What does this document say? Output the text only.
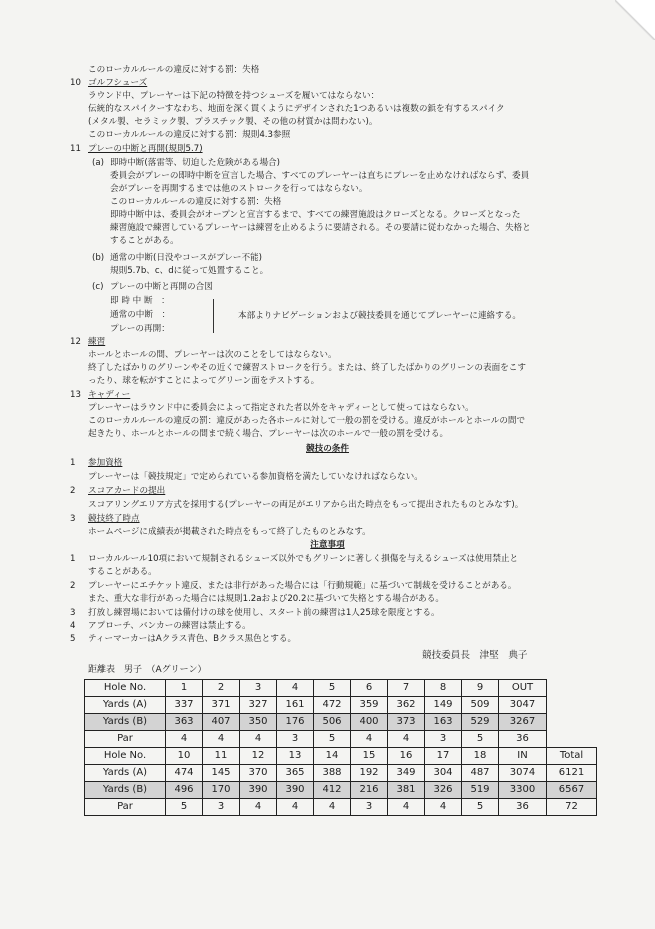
このローカルルールの違反に対する罰：失格
10 ゴルフシューズ
ラウンド中、プレーヤーは下記の特徴を持つシューズを履いてはならない：
伝統的なスパイクーすなわち、地面を深く貫くようにデザインされた1つあるいは複数の鋲を有するスパイク
(メタル製、セラミック製、プラスチック製、その他の材質かは問わない)。
このローカルルールの違反に対する罰：規則4.3参照
11 プレーの中断と再開(規則5.7)
(a) 即時中断(落雷等、切迫した危険がある場合)
委員会がプレーの即時中断を宣言した場合、すべてのプレーヤーは直ちにプレーを止めなければならず、委員
会がプレーを再開するまでは他のストロークを行ってはならない。
このローカルルールの違反に対する罰：失格
即時中断中は、委員会がオープンと宣言するまで、すべての練習施設はクローズとなる。クローズとなった
練習施設で練習しているプレーヤーは練習を止めるように要請される。その要請に従わなかった場合、失格と
することがある。
(b) 通常の中断(日没やコースがプレー不能)
規則5.7b、c、dに従って処置すること。
(c) プレーの中断と再開の合図
即 時 中 断　：
通常の中断　：
プレーの再開：
本部よりナビゲーションおよび競技委員を通じてプレーヤーに連絡する。
12 練習
ホールとホールの間、プレーヤーは次のことをしてはならない。
終了したばかりのグリーンやその近くで練習ストロークを行う。または、終了したばかりのグリーンの表面をこす
ったり、球を転がすことによってグリーン面をテストする。
13 キャディー
プレーヤーはラウンド中に委員会によって指定された者以外をキャディーとして使ってはならない。
このローカルルールの違反の罰：違反があった各ホールに対して一般の罰を受ける。違反がホールとホールの間で
起きたり、ホールとホールの間まで続く場合、プレーヤーは次のホールで一般の罰を受ける。
競技の条件
1 参加資格
プレーヤーは「競技規定」で定められている参加資格を満たしていなければならない。
2 スコアカードの提出
スコアリングエリア方式を採用する(プレーヤーの両足がエリアから出た時点をもって提出されたものとみなす)。
3 競技終了時点
ホームページに成績表が掲載された時点をもって終了したものとみなす。
注意事項
1 ローカルルール10項において規制されるシューズ以外でもグリーンに著しく損傷を与えるシューズは使用禁止と
することがある。
2 プレーヤーにエチケット違反、または非行があった場合には「行動規範」に基づいて制裁を受けることがある。
また、重大な非行があった場合には規則1.2aおよび20.2に基づいて失格とする場合がある。
3 打放し練習場においては備付けの球を使用し、スタート前の練習は1人25球を限度とする。
4 アプローチ、バンカーの練習は禁止する。
5 ティーマーカーはAクラス青色、Bクラス黒色とする。
競技委員長　津堅　典子
距離表　男子　（Aグリーン）
Hole No.	1	2	3	4	5	6	7	8	9	OUT
Yards (A)	337	371	327	161	472	359	362	149	509	3047
Yards (B)	363	407	350	176	506	400	373	163	529	3267
Par	4	4	4	3	5	4	4	3	5	36
Hole No.	10	11	12	13	14	15	16	17	18	IN	Total
Yards (A)	474	145	370	365	388	192	349	304	487	3074	6121
Yards (B)	496	170	390	390	412	216	381	326	519	3300	6567
Par	5	3	4	4	4	3	4	4	5	36	72
